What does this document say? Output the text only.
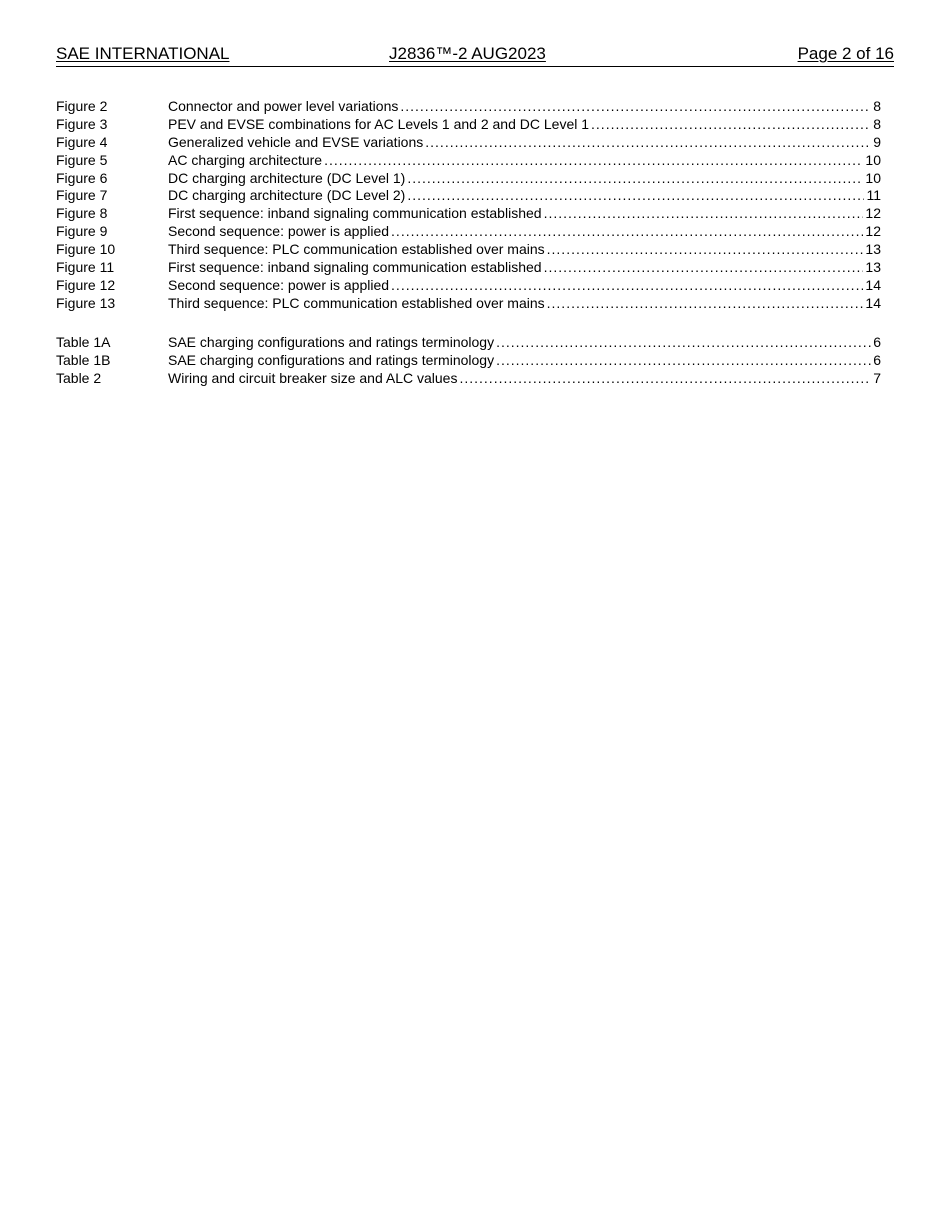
SAE INTERNATIONAL	J2836™-2 AUG2023	Page 2 of 16
Figure 2	Connector and power level variations .....	8
Figure 3	PEV and EVSE combinations for AC Levels 1 and 2 and DC Level 1 .....	8
Figure 4	Generalized vehicle and EVSE variations .....	9
Figure 5	AC charging architecture .....	10
Figure 6	DC charging architecture (DC Level 1) .....	10
Figure 7	DC charging architecture (DC Level 2) .....	11
Figure 8	First sequence: inband signaling communication established .....	12
Figure 9	Second sequence: power is applied .....	12
Figure 10	Third sequence: PLC communication established over mains .....	13
Figure 11	First sequence: inband signaling communication established .....	13
Figure 12	Second sequence: power is applied .....	14
Figure 13	Third sequence: PLC communication established over mains .....	14
Table 1A	SAE charging configurations and ratings terminology .....	6
Table 1B	SAE charging configurations and ratings terminology .....	6
Table 2	Wiring and circuit breaker size and ALC values .....	7
